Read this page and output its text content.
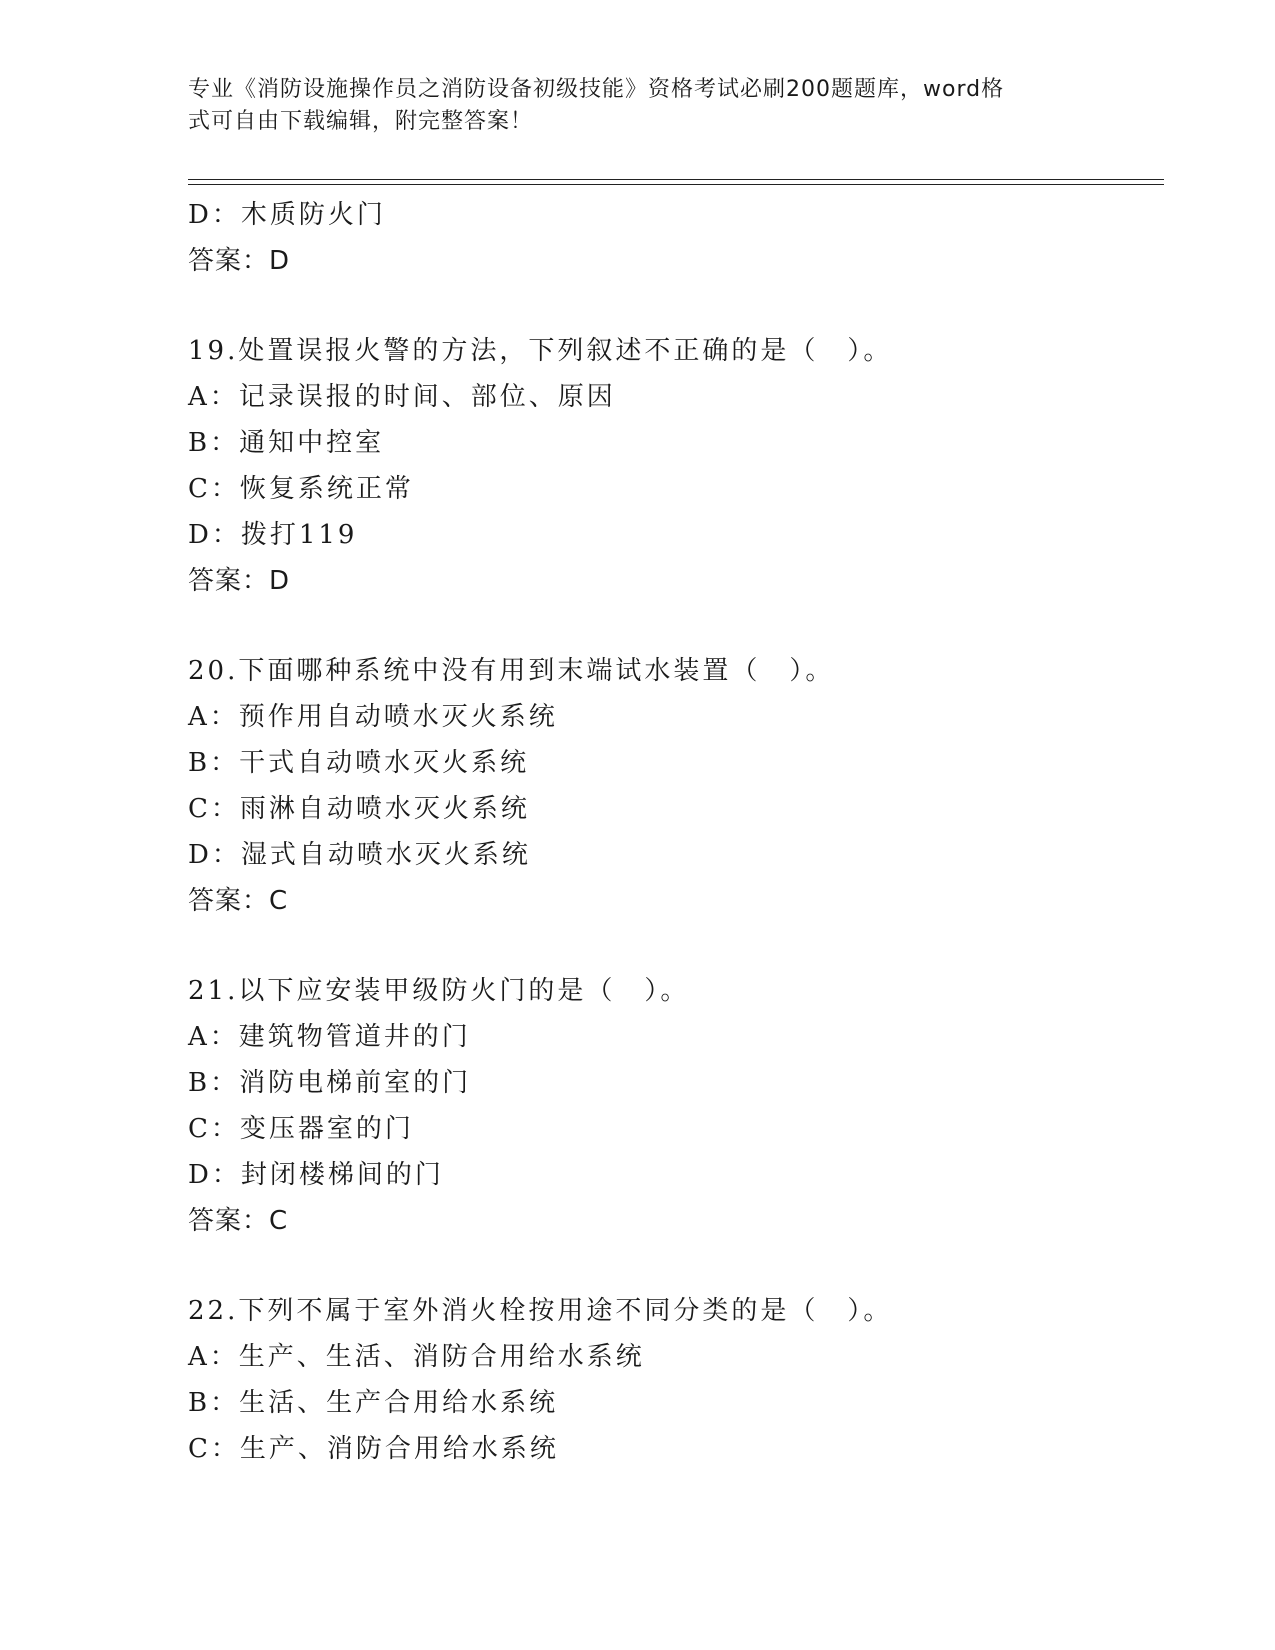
专业《消防设施操作员之消防设备初级技能》资格考试必刷200题题库，word格
式可自由下载编辑，附完整答案！
D：木质防火门
答案：D
19.处置误报火警的方法，下列叙述不正确的是（　）。
A：记录误报的时间、部位、原因
B：通知中控室
C：恢复系统正常
D：拨打119
答案：D
20.下面哪种系统中没有用到末端试水装置（　）。
A：预作用自动喷水灭火系统
B：干式自动喷水灭火系统
C：雨淋自动喷水灭火系统
D：湿式自动喷水灭火系统
答案：C
21.以下应安装甲级防火门的是（　）。
A：建筑物管道井的门
B：消防电梯前室的门
C：变压器室的门
D：封闭楼梯间的门
答案：C
22.下列不属于室外消火栓按用途不同分类的是（　）。
A：生产、生活、消防合用给水系统
B：生活、生产合用给水系统
C：生产、消防合用给水系统
